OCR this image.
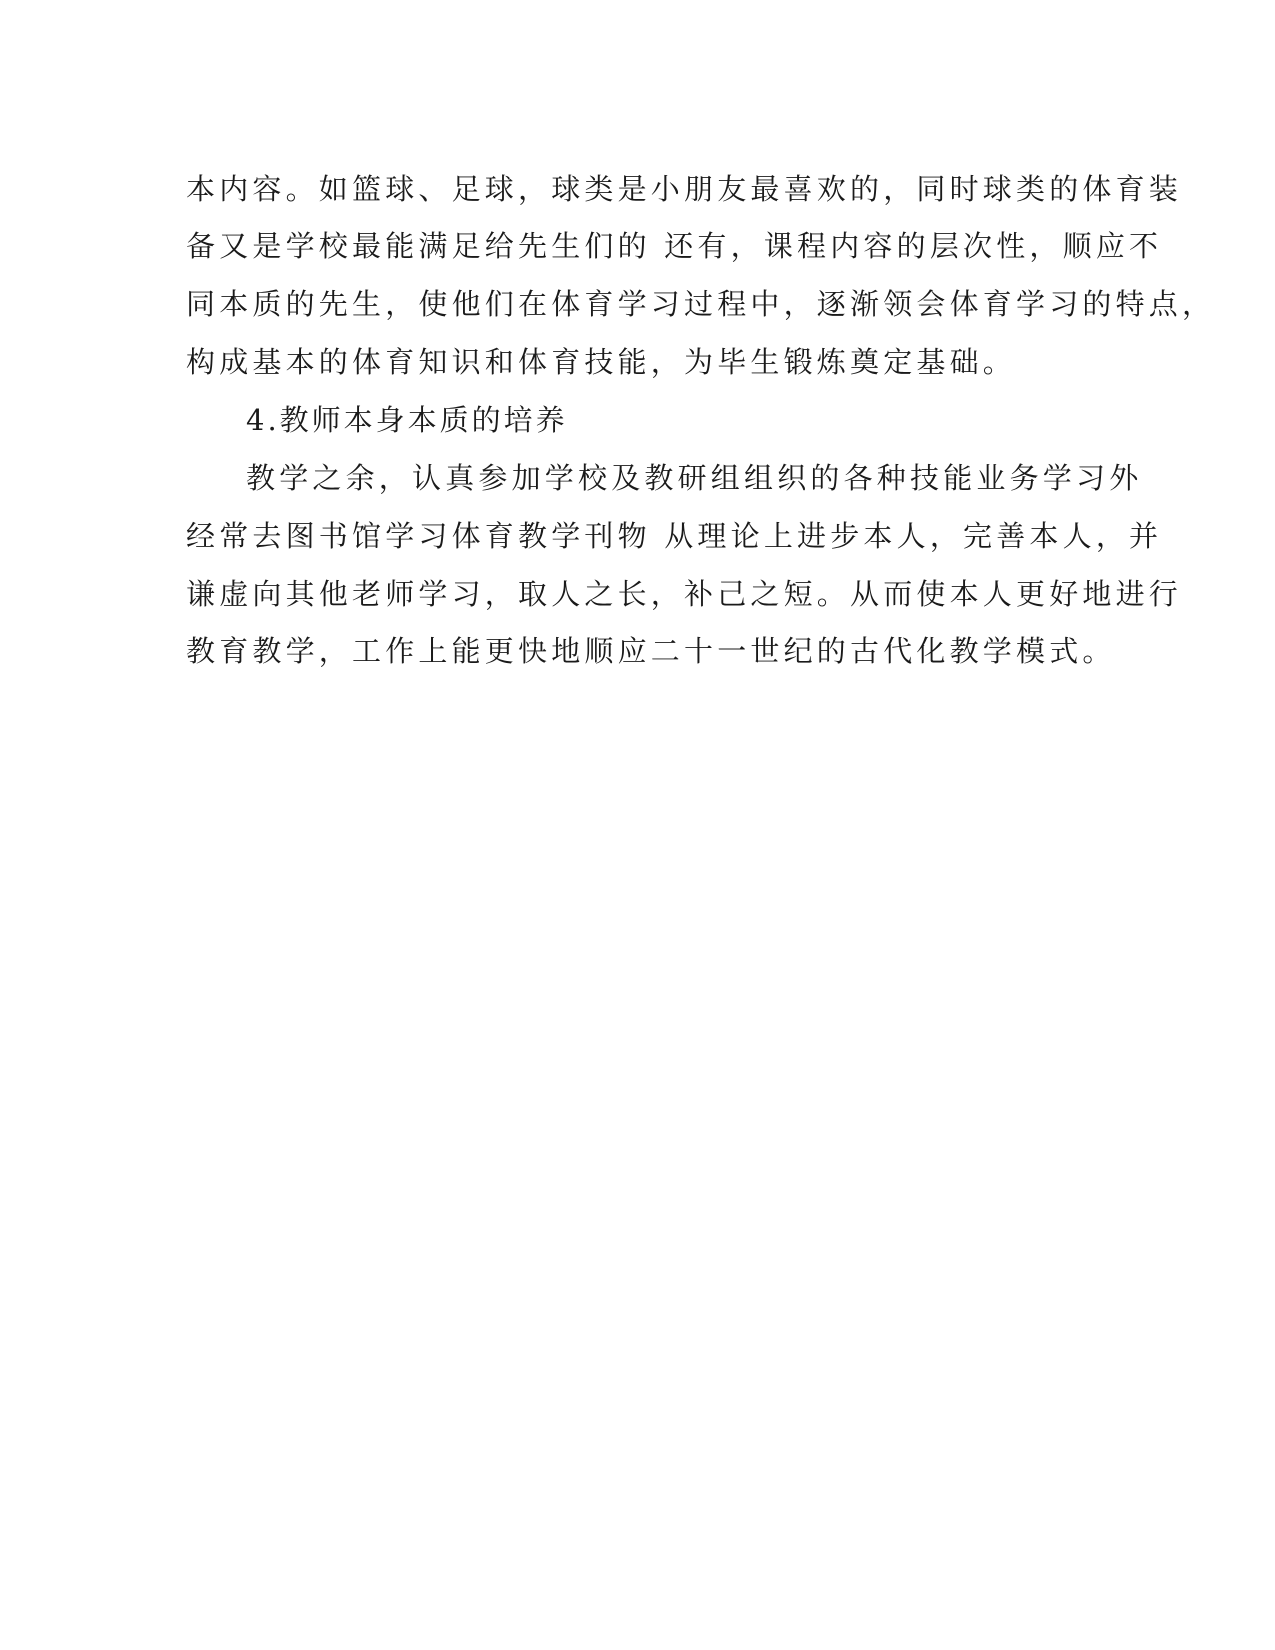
本内容。如篮球、足球，球类是小朋友最喜欢的，同时球类的体育装
备又是学校最能满足给先生们的 还有，课程内容的层次性，顺应不
同本质的先生，使他们在体育学习过程中，逐渐领会体育学习的特点，
构成基本的体育知识和体育技能，为毕生锻炼奠定基础。
4.教师本身本质的培养
教学之余，认真参加学校及教研组组织的各种技能业务学习外
经常去图书馆学习体育教学刊物 从理论上进步本人，完善本人，并
谦虚向其他老师学习，取人之长，补己之短。从而使本人更好地进行
教育教学，工作上能更快地顺应二十一世纪的古代化教学模式。
